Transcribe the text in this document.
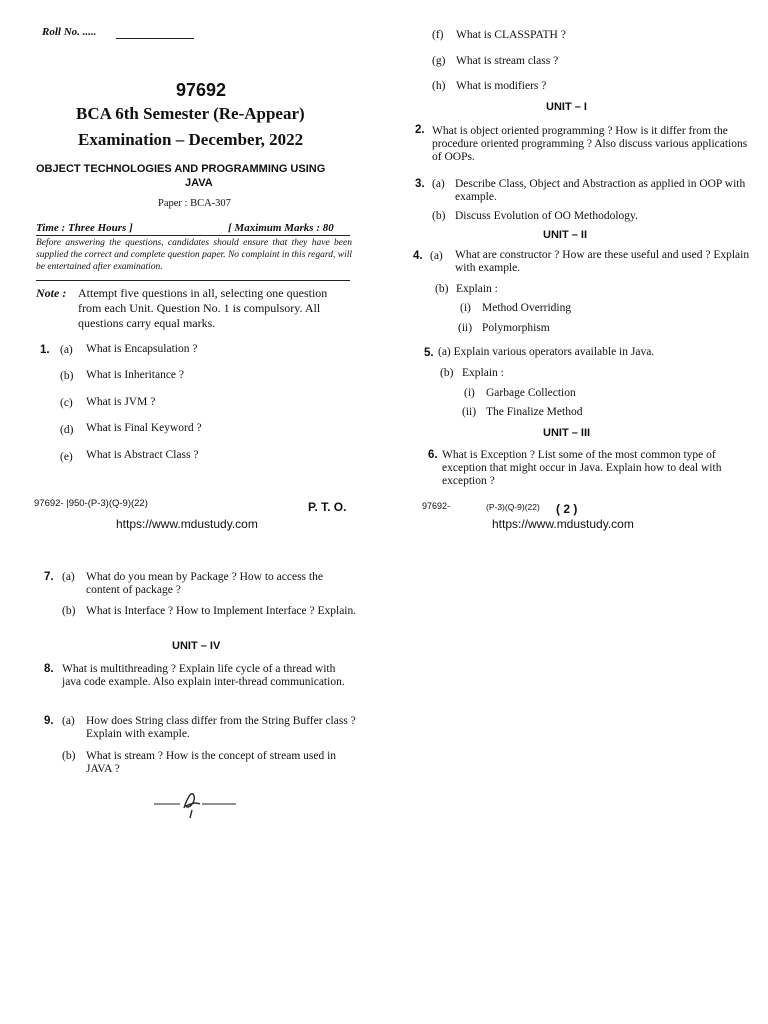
Roll No. .....
97692
BCA 6th Semester (Re-Appear)
Examination – December, 2022
OBJECT TECHNOLOGIES AND PROGRAMMING USING
JAVA
Paper : BCA-307
Time : Three Hours ]	[ Maximum Marks : 80
Before answering the questions, candidates should ensure that they have been supplied the correct and complete question paper. No complaint in this regard, will be entertained after examination.
Note : Attempt five questions in all, selecting one question from each Unit. Question No. 1 is compulsory. All questions carry equal marks.
1. (a) What is Encapsulation ?
(b) What is Inheritance ?
(c) What is JVM ?
(d) What is Final Keyword ?
(e) What is Abstract Class ?
97692- |950-(P-3)(Q-9)(22)	P. T. O.
https://www.mdustudy.com
(f) What is CLASSPATH ?
(g) What is stream class ?
(h) What is modifiers ?
UNIT – I
2. What is object oriented programming ? How is it differ from the procedure oriented programming ? Also discuss various applications of OOPs.
3. (a) Describe Class, Object and Abstraction as applied in OOP with example.
(b) Discuss Evolution of OO Methodology.
UNIT – II
4. (a) What are constructor ? How are these useful and used ? Explain with example.
(b) Explain :
(i) Method Overriding
(ii) Polymorphism
5. (a) Explain various operators available in Java.
(b) Explain :
(i) Garbage Collection
(ii) The Finalize Method
UNIT – III
6. What is Exception ? List some of the most common type of exception that might occur in Java. Explain how to deal with exception ?
97692-	(P-3)(Q-9)(22) ( 2 )
https://www.mdustudy.com
7. (a) What do you mean by Package ? How to access the content of package ?
(b) What is Interface ? How to Implement Interface ? Explain.
UNIT – IV
8. What is multithreading ? Explain life cycle of a thread with java code example. Also explain inter-thread communication.
9. (a) How does String class differ from the String Buffer class ? Explain with example.
(b) What is stream ? How is the concept of stream used in JAVA ?
